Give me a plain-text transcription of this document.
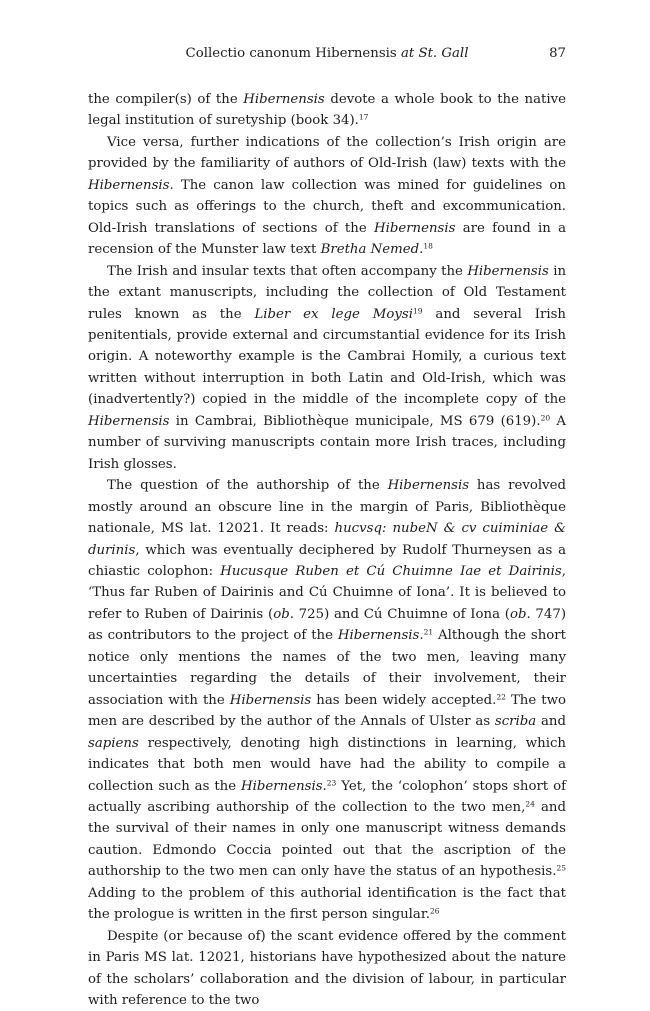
Collectio canonum Hibernensis at St. Gall	87

the compiler(s) of the Hibernensis devote a whole book to the native legal institution of suretyship (book 34).$^{17}$

Vice versa, further indications of the collection’s Irish origin are provided by the familiarity of authors of Old-Irish (law) texts with the Hibernensis. The canon law collection was mined for guidelines on topics such as offerings to the church, theft and excommunication. Old-Irish translations of sections of the Hibernensis are found in a recension of the Munster law text Bretha Nemed.$^{18}$

The Irish and insular texts that often accompany the Hibernensis in the extant manuscripts, including the collection of Old Testament rules known as the Liber ex lege Moysi$^{19}$ and several Irish penitentials, provide external and circumstantial evidence for its Irish origin. A noteworthy example is the Cambrai Homily, a curious text written without interruption in both Latin and Old-Irish, which was (inadvertently?) copied in the middle of the incomplete copy of the Hibernensis in Cambrai, Bibliothèque municipale, MS 679 (619).$^{20}$ A number of surviving manuscripts contain more Irish traces, including Irish glosses.

The question of the authorship of the Hibernensis has revolved mostly around an obscure line in the margin of Paris, Bibliothèque nationale, MS lat. 12021. It reads: hucvsq: nubeN & cv cuiminiae & durinis, which was eventually deciphered by Rudolf Thurneysen as a chiastic colophon: Hucusque Ruben et Cú Chuimne Iae et Dairinis, ‘Thus far Ruben of Dairinis and Cú Chuimne of Iona’. It is believed to refer to Ruben of Dairinis (ob. 725) and Cú Chuimne of Iona (ob. 747) as contributors to the project of the Hibernensis.$^{21}$ Although the short notice only mentions the names of the two men, leaving many uncertainties regarding the details of their involvement, their association with the Hibernensis has been widely accepted.$^{22}$ The two men are described by the author of the Annals of Ulster as scriba and sapiens respectively, denoting high distinctions in learning, which indicates that both men would have had the ability to compile a collection such as the Hibernensis.$^{23}$ Yet, the ‘colophon’ stops short of actually ascribing authorship of the collection to the two men,$^{24}$ and the survival of their names in only one manuscript witness demands caution. Edmondo Coccia pointed out that the ascription of the authorship to the two men can only have the status of an hypothesis.$^{25}$ Adding to the problem of this authorial identification is the fact that the prologue is written in the first person singular.$^{26}$

Despite (or because of) the scant evidence offered by the comment in Paris MS lat. 12021, historians have hypothesized about the nature of the scholars’ collaboration and the division of labour, in particular with reference to the two
